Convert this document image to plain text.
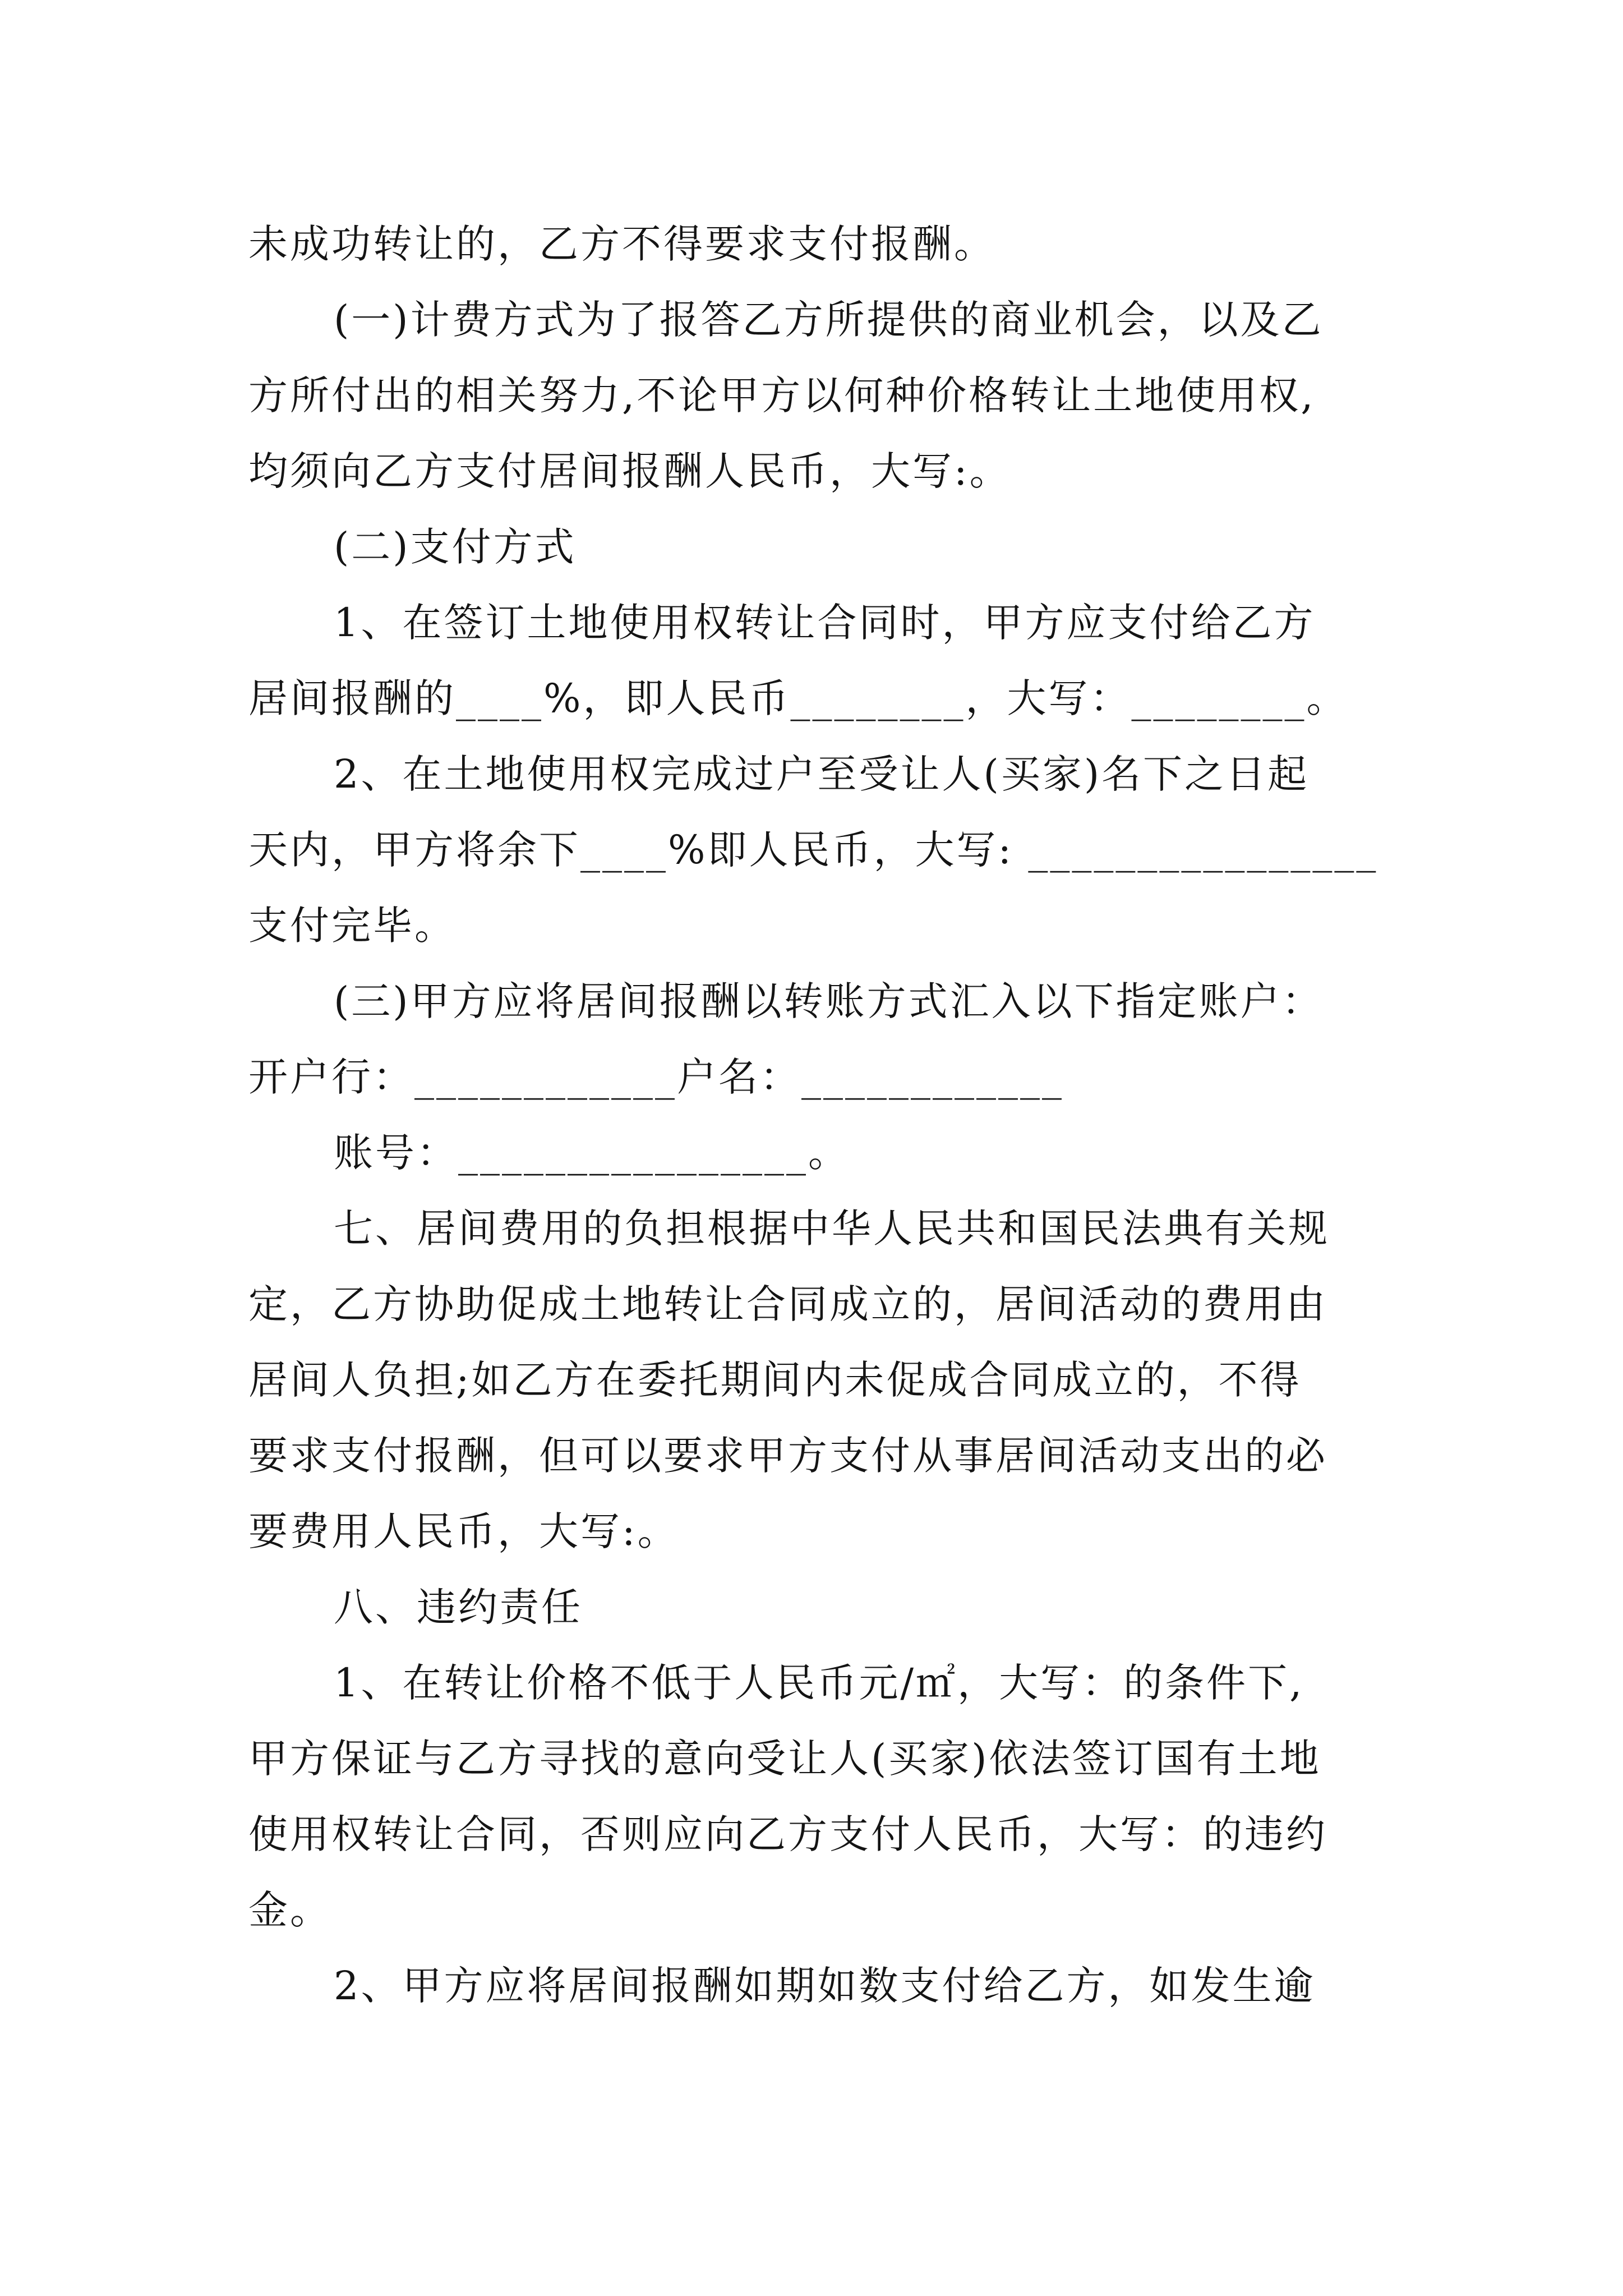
未成功转让的，乙方不得要求支付报酬。
(一)计费方式为了报答乙方所提供的商业机会，以及乙
方所付出的相关努力,不论甲方以何种价格转让土地使用权,
均须向乙方支付居间报酬人民币，大写:。
(二)支付方式
1、在签订土地使用权转让合同时，甲方应支付给乙方
居间报酬的____%，即人民币________，大写：________。
2、在土地使用权完成过户至受让人(买家)名下之日起
天内，甲方将余下____%即人民币，大写: ________________
支付完毕。
(三)甲方应将居间报酬以转账方式汇入以下指定账户：
开户行：____________户名：____________
账号：________________。
七、居间费用的负担根据中华人民共和国民法典有关规
定，乙方协助促成土地转让合同成立的，居间活动的费用由
居间人负担;如乙方在委托期间内未促成合同成立的，不得
要求支付报酬，但可以要求甲方支付从事居间活动支出的必
要费用人民币，大写:。
八、违约责任
1、在转让价格不低于人民币元/㎡，大写：的条件下,
甲方保证与乙方寻找的意向受让人(买家)依法签订国有土地
使用权转让合同，否则应向乙方支付人民币，大写：的违约
金。
2、甲方应将居间报酬如期如数支付给乙方，如发生逾
